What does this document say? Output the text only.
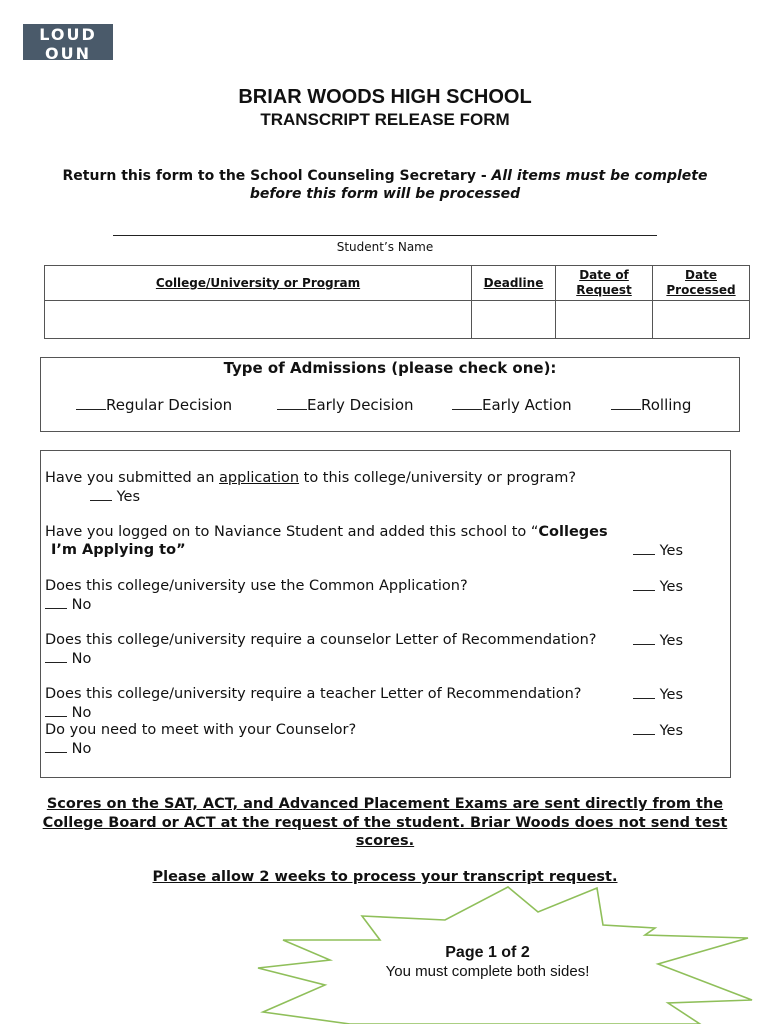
LOUD OUN
BRIAR WOODS HIGH SCHOOL
TRANSCRIPT RELEASE FORM
Return this form to the School Counseling Secretary - All items must be complete before this form will be processed
Student’s Name
College/University or Program	Deadline	Date of Request	Date Processed

Type of Admissions (please check one):
Regular Decision	Early Decision	Early Action	Rolling
Have you submitted an application to this college/university or program?
Yes
Have you logged on to Naviance Student and added this school to “Colleges
I’m Applying to”	Yes
Does this college/university use the Common Application?	Yes
No
Does this college/university require a counselor Letter of Recommendation?	Yes
No
Does this college/university require a teacher Letter of Recommendation?	Yes
No
Do you need to meet with your Counselor?	Yes
No
Scores on the SAT, ACT, and Advanced Placement Exams are sent directly from the College Board or ACT at the request of the student. Briar Woods does not send test scores.
Please allow 2 weeks to process your transcript request.
Page 1 of 2
You must complete both sides!
